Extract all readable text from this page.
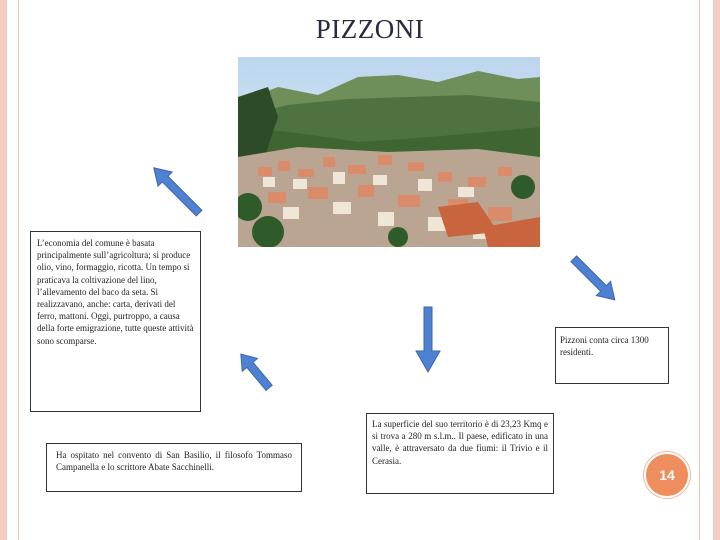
PIZZONI
L’economia del comune è basata principalmente sull’agricoltura; si produce olio, vino, formaggio, ricotta. Un tempo si praticava la coltivazione del lino, l’allevamento del baco da seta. Si realizzavano, anche: carta, derivati del ferro, mattoni. Oggi, purtroppo, a causa della forte emigrazione, tutte queste attività sono scomparse.
Ha ospitato nel convento di San Basilio, il filosofo Tommaso Campanella e lo scrittore Abate Sacchinelli.
La superficie del suo territorio è di 23,23 Kmq e si trova a 280 m s.l.m.. Il paese, edificato in una valle, è attraversato da due fiumi: il Trivio e il Cerasia.
Pizzoni conta circa 1300 residenti.
14
